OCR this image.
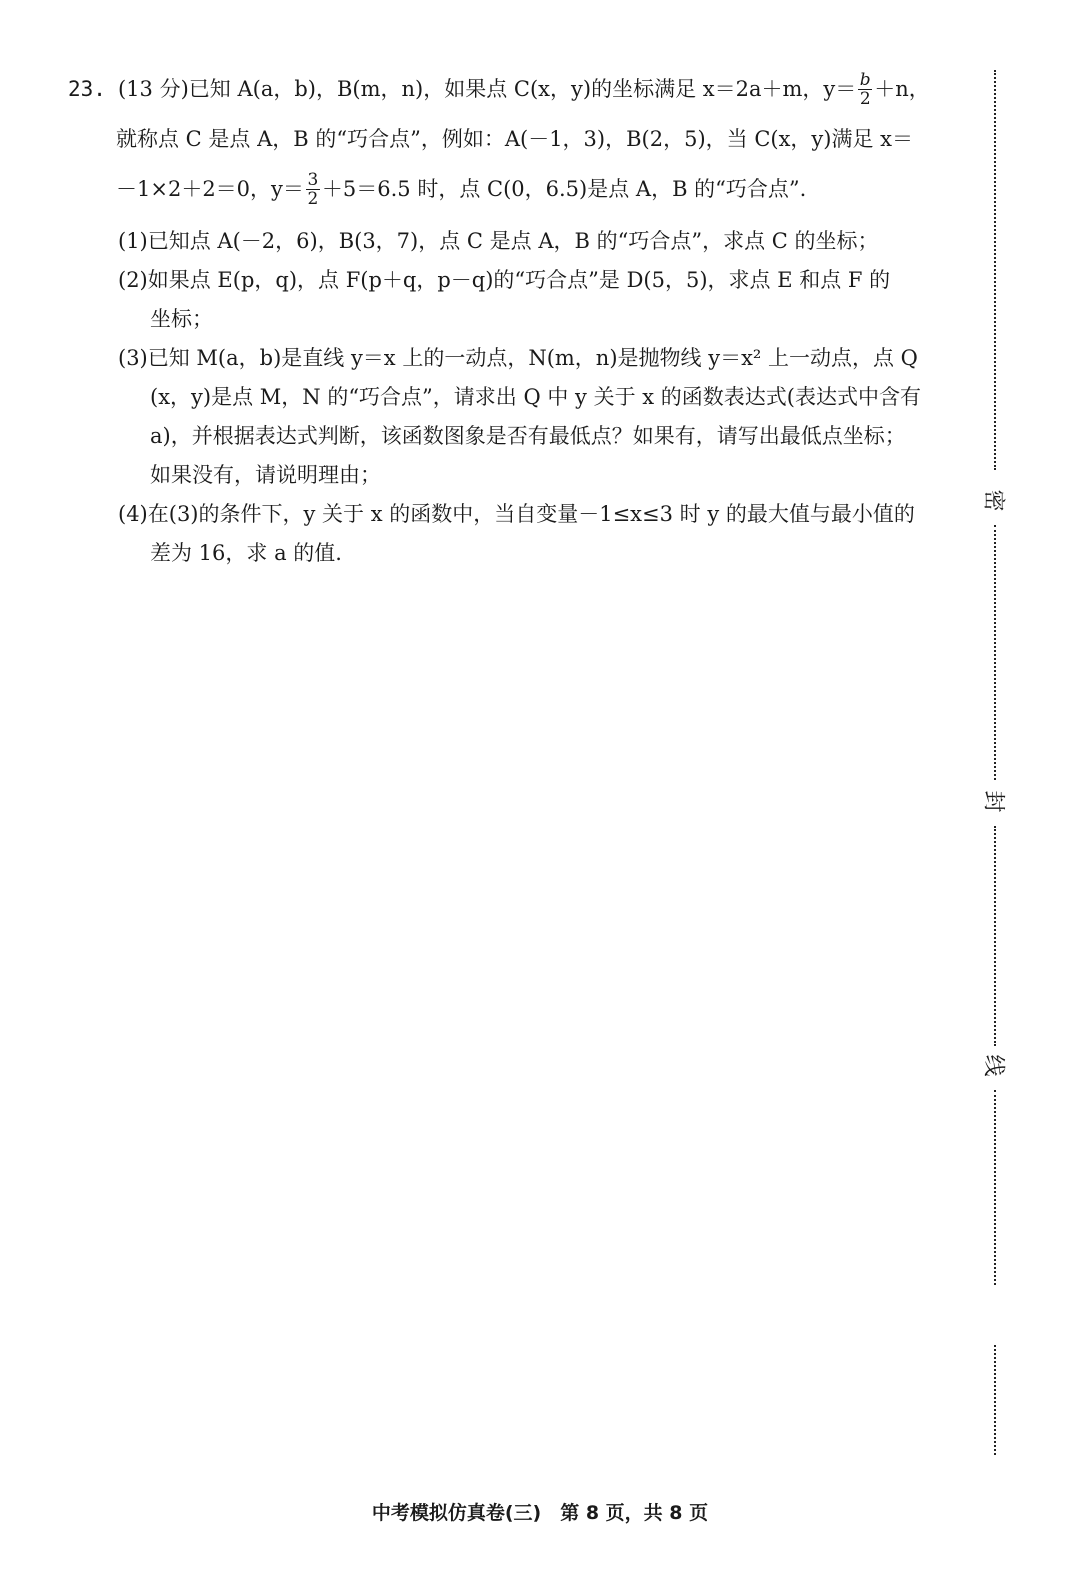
23. (13 分)已知 A(a，b)，B(m，n)，如果点 C(x，y)的坐标满足 x＝2a＋m，$y= \frac{b}{2} +n$，
就称点 C 是点 A，B 的“巧合点”，例如：A(－1，3)，B(2，5)，当 C(x，y)满足 x＝
－1×2＋2＝0，$y= \frac{3}{2} +5=6.5$ 时，点 C(0，6.5)是点 A，B 的“巧合点”.
(1)已知点 A(－2，6)，B(3，7)，点 C 是点 A，B 的“巧合点”，求点 C 的坐标；
(2)如果点 E(p，q)，点 F(p＋q，p－q)的“巧合点”是 D(5，5)，求点 E 和点 F 的
坐标；
(3)已知 M(a，b)是直线 y＝x 上的一动点，N(m，n)是抛物线 y＝x² 上一动点，点 Q
(x，y)是点 M，N 的“巧合点”，请求出 Q 中 y 关于 x 的函数表达式(表达式中含有
a)，并根据表达式判断，该函数图象是否有最低点？如果有，请写出最低点坐标；
如果没有，请说明理由；
(4)在(3)的条件下，y 关于 x 的函数中，当自变量－1≤x≤3 时 y 的最大值与最小值的
差为 16，求 a 的值.
密
封
线
中考模拟仿真卷(三)　第 8 页，共 8 页
